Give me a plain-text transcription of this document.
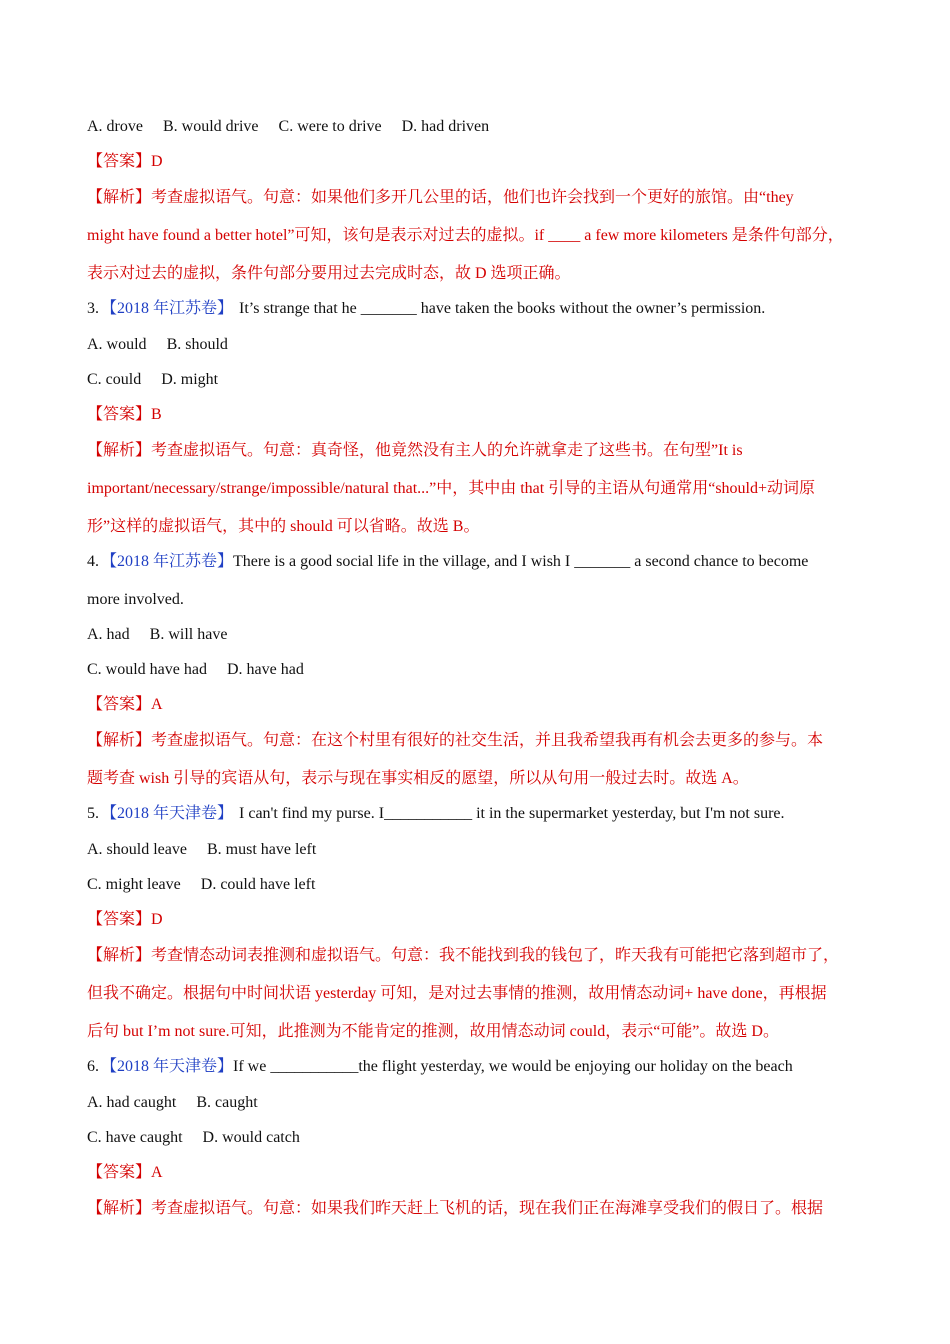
A. drove B. would drive C. were to drive D. had driven
【答案】D
【解析】考查虚拟语气。句意：如果他们多开几公里的话，他们也许会找到一个更好的旅馆。由“they
might have found a better hotel”可知，该句是表示对过去的虚拟。if ____ a few more kilometers 是条件句部分，
表示对过去的虚拟，条件句部分要用过去完成时态，故 D 选项正确。
3. 【2018 年江苏卷】 It’s strange that he _______ have taken the books without the owner’s permission.
A. would B. should
C. could D. might
【答案】B
【解析】考查虚拟语气。句意：真奇怪，他竟然没有主人的允许就拿走了这些书。在句型”It is
important/necessary/strange/impossible/natural that...”中，其中由 that 引导的主语从句通常用“should+动词原
形”这样的虚拟语气，其中的 should 可以省略。故选 B。
4. 【2018 年江苏卷】There is a good social life in the village, and I wish I _______ a second chance to become
more involved.
A. had B. will have
C. would have had D. have had
【答案】A
【解析】考查虚拟语气。句意：在这个村里有很好的社交生活，并且我希望我再有机会去更多的参与。本
题考查 wish 引导的宾语从句，表示与现在事实相反的愿望，所以从句用一般过去时。故选 A。
5. 【2018 年天津卷】 I can't find my purse. I___________ it in the supermarket yesterday, but I'm not sure.
A. should leave B. must have left
C. might leave D. could have left
【答案】D
【解析】考查情态动词表推测和虚拟语气。句意：我不能找到我的钱包了，昨天我有可能把它落到超市了，
但我不确定。根据句中时间状语 yesterday 可知，是对过去事情的推测，故用情态动词+ have done，再根据
后句 but I’m not sure.可知，此推测为不能肯定的推测，故用情态动词 could，表示“可能”。故选 D。
6. 【2018 年天津卷】If we ___________the flight yesterday, we would be enjoying our holiday on the beach
A. had caught B. caught
C. have caught D. would catch
【答案】A
【解析】考查虚拟语气。句意：如果我们昨天赶上飞机的话，现在我们正在海滩享受我们的假日了。根据
